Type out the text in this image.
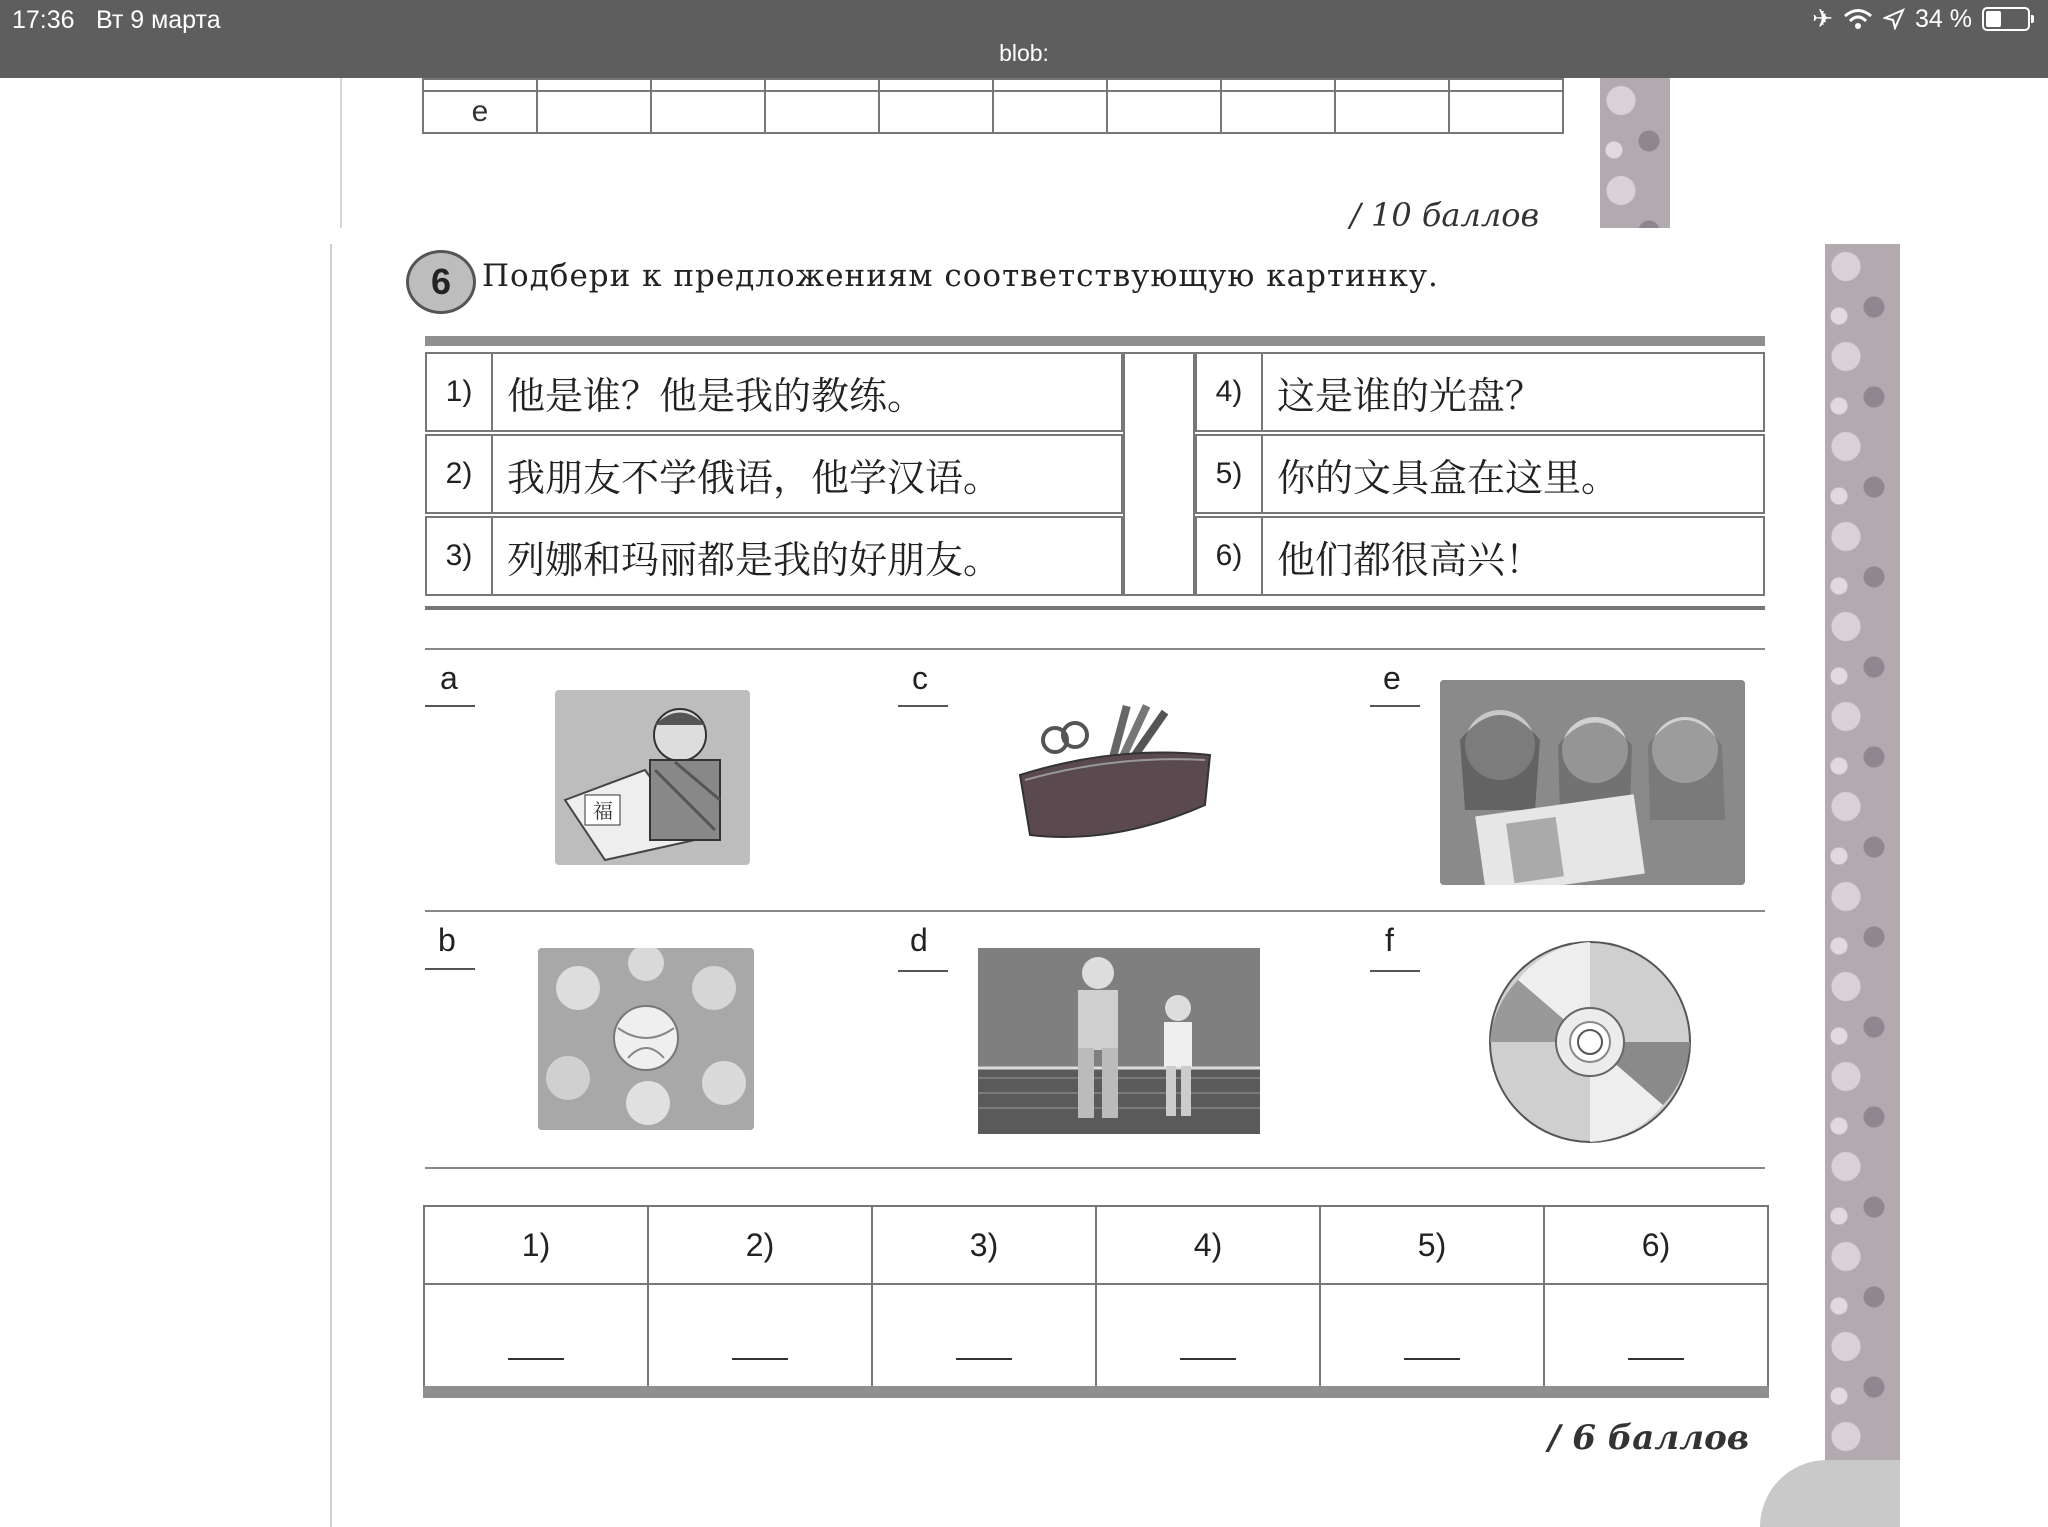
17:36 Вт 9 марта
blob:
✈	34 %

e									
/ 10 баллов
6 Подбери к предложениям соответствующую картинку.
1) 他是谁？他是我的教练。
2) 我朋友不学俄语，他学汉语。
3) 列娜和玛丽都是我的好朋友。
4) 这是谁的光盘？
5) 你的文具盒在这里。
6) 他们都很高兴！
a
福
c	e
b	d	f
1)	2)	3)	4)	5)	6)

/ 6 баллов
